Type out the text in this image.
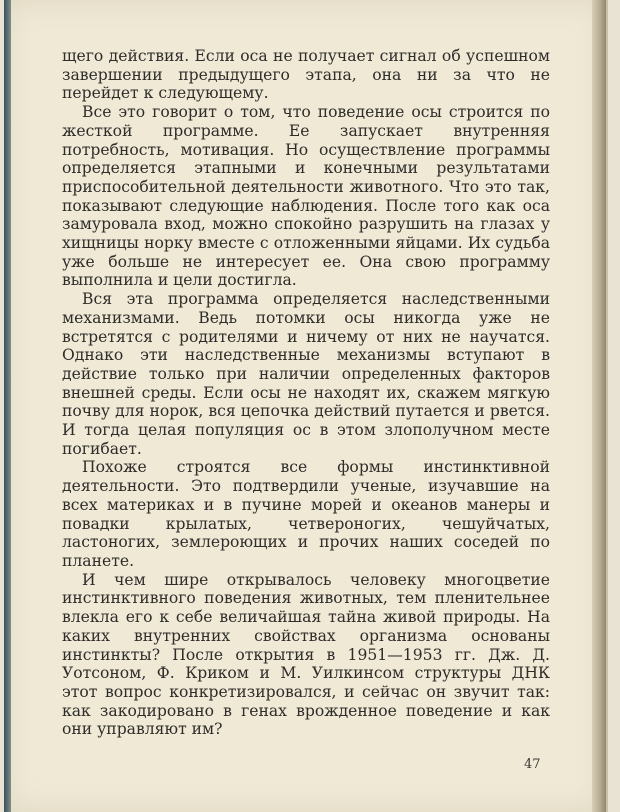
щего действия. Если оса не получает сигнал об успешном завершении предыдущего этапа, она ни за что не перейдет к следующему.

Все это говорит о том, что поведение осы строится по жесткой программе. Ее запускает внутренняя потребность, мотивация. Но осуществление программы определяется этапными и конечными результатами приспособительной деятельности животного. Что это так, показывают следующие наблюдения. После того как оса замуровала вход, можно спокойно разрушить на глазах у хищницы норку вместе с отложенными яйцами. Их судьба уже больше не интересует ее. Она свою программу выполнила и цели достигла.

Вся эта программа определяется наследственными механизмами. Ведь потомки осы никогда уже не встретятся с родителями и ничему от них не научатся. Однако эти наследственные механизмы вступают в действие только при наличии определенных факторов внешней среды. Если осы не находят их, скажем мягкую почву для норок, вся цепочка действий путается и рвется. И тогда целая популяция ос в этом злополучном месте погибает.

Похоже строятся все формы инстинктивной деятельности. Это подтвердили ученые, изучавшие на всех материках и в пучине морей и океанов манеры и повадки крылатых, четвероногих, чешуйчатых, ластоногих, землероющих и прочих наших соседей по планете.

И чем шире открывалось человеку многоцветие инстинктивного поведения животных, тем пленительнее влекла его к себе величайшая тайна живой природы. На каких внутренних свойствах организма основаны инстинкты? После открытия в 1951—1953 гг. Дж. Д. Уотсоном, Ф. Криком и М. Уилкинсом структуры ДНК этот вопрос конкретизировался, и сейчас он звучит так: как закодировано в генах врожденное поведение и как они управляют им?

47
